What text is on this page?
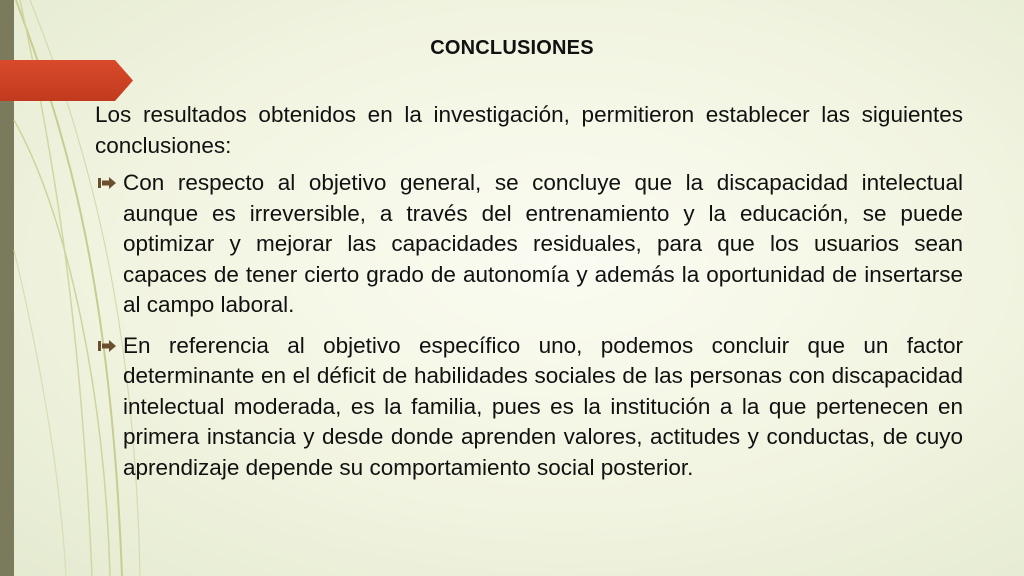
CONCLUSIONES

Los resultados obtenidos en la investigación, permitieron establecer las siguientes conclusiones:

Con respecto al objetivo general, se concluye que la discapacidad intelectual aunque es irreversible, a través del entrenamiento y la educación, se puede optimizar y mejorar las capacidades residuales, para que los usuarios sean capaces de tener cierto grado de autonomía y además la oportunidad de insertarse al campo laboral.
En referencia al objetivo específico uno, podemos concluir que un factor determinante en el déficit de habilidades sociales de las personas con discapacidad intelectual moderada, es la familia, pues es la institución a la que pertenecen en primera instancia y desde donde aprenden valores, actitudes y conductas, de cuyo aprendizaje depende su comportamiento social posterior.
